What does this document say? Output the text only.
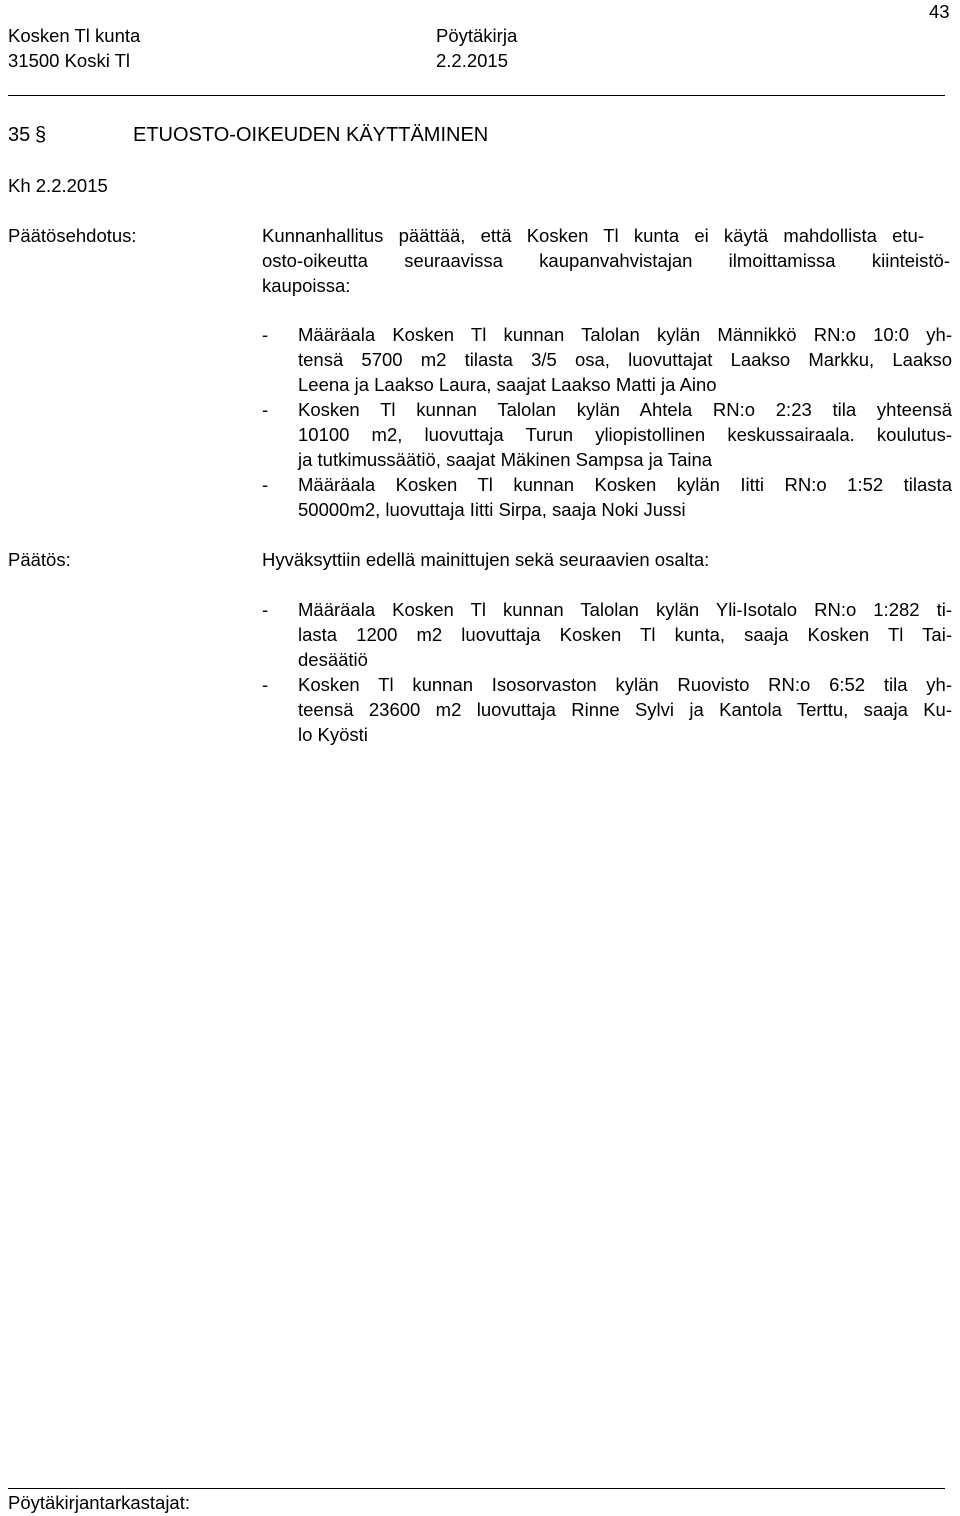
Kosken Tl kunta
31500 Koski Tl
Pöytäkirja
2.2.2015
43
35 §	ETUOSTO-OIKEUDEN KÄYTTÄMINEN
Kh 2.2.2015
Päätösehdotus:	Kunnanhallitus päättää, että Kosken Tl kunta ei käytä mahdollista etu-
osto-oikeutta seuraavissa kaupanvahvistajan ilmoittamissa kiinteistö-
kaupoissa:
- Määräala Kosken Tl kunnan Talolan kylän Männikkö RN:o 10:0 yh-
tensä 5700 m2 tilasta 3/5 osa, luovuttajat Laakso Markku, Laakso
Leena ja Laakso Laura, saajat Laakso Matti ja Aino
- Kosken Tl kunnan Talolan kylän Ahtela RN:o 2:23 tila yhteensä
10100 m2, luovuttaja Turun yliopistollinen keskussairaala. koulutus-
ja tutkimussäätiö, saajat Mäkinen Sampsa ja Taina
- Määräala Kosken Tl kunnan Kosken kylän Iitti RN:o 1:52 tilasta
50000m2, luovuttaja Iitti Sirpa, saaja Noki Jussi
Päätös:	Hyväksyttiin edellä mainittujen sekä seuraavien osalta:
- Määräala Kosken Tl kunnan Talolan kylän Yli-Isotalo RN:o 1:282 ti-
lasta 1200 m2 luovuttaja Kosken Tl kunta, saaja Kosken Tl Tai-
desäätiö
- Kosken Tl kunnan Isosorvaston kylän Ruovisto RN:o 6:52 tila yh-
teensä 23600 m2 luovuttaja Rinne Sylvi ja Kantola Terttu, saaja Ku-
lo Kyösti
Pöytäkirjantarkastajat:
